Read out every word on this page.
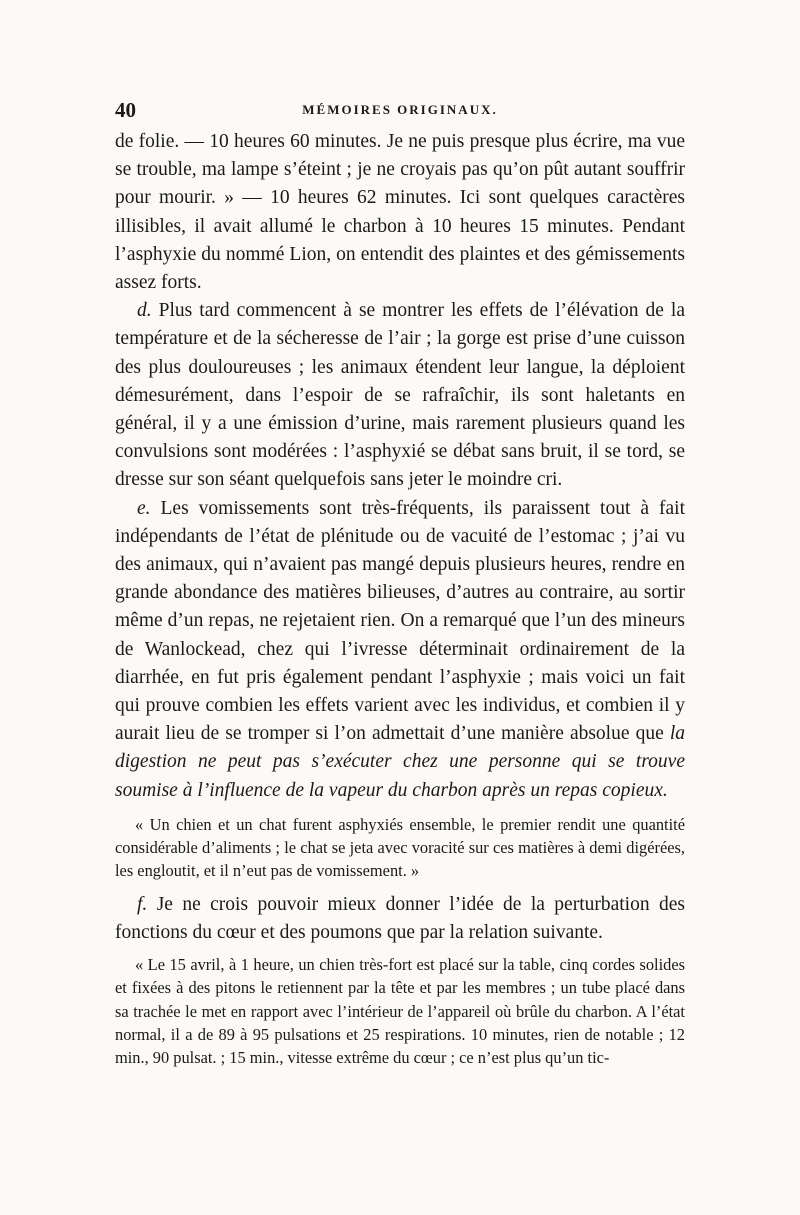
40	MÉMOIRES ORIGINAUX.

de folie. — 10 heures 60 minutes. Je ne puis presque plus écrire, ma vue se trouble, ma lampe s’éteint ; je ne croyais pas qu’on pût autant souffrir pour mourir. » — 10 heures 62 minutes. Ici sont quelques caractères illisibles, il avait allumé le charbon à 10 heures 15 minutes. Pendant l’asphyxie du nommé Lion, on entendit des plaintes et des gémissements assez forts.

d. Plus tard commencent à se montrer les effets de l’élévation de la température et de la sécheresse de l’air ; la gorge est prise d’une cuisson des plus douloureuses ; les animaux étendent leur langue, la déploient démesurément, dans l’espoir de se rafraîchir, ils sont haletants en général, il y a une émission d’urine, mais rarement plusieurs quand les convulsions sont modérées : l’asphyxié se débat sans bruit, il se tord, se dresse sur son séant quelquefois sans jeter le moindre cri.

e. Les vomissements sont très-fréquents, ils paraissent tout à fait indépendants de l’état de plénitude ou de vacuité de l’estomac ; j’ai vu des animaux, qui n’avaient pas mangé depuis plusieurs heures, rendre en grande abondance des matières bilieuses, d’autres au contraire, au sortir même d’un repas, ne rejetaient rien. On a remarqué que l’un des mineurs de Wanlockead, chez qui l’ivresse déterminait ordinairement de la diarrhée, en fut pris également pendant l’asphyxie ; mais voici un fait qui prouve combien les effets varient avec les individus, et combien il y aurait lieu de se tromper si l’on admettait d’une manière absolue que la digestion ne peut pas s’exécuter chez une personne qui se trouve soumise à l’influence de la vapeur du charbon après un repas copieux.

« Un chien et un chat furent asphyxiés ensemble, le premier rendit une quantité considérable d’aliments ; le chat se jeta avec voracité sur ces matières à demi digérées, les engloutit, et il n’eut pas de vomissement. »

f. Je ne crois pouvoir mieux donner l’idée de la perturbation des fonctions du cœur et des poumons que par la relation suivante.

« Le 15 avril, à 1 heure, un chien très-fort est placé sur la table, cinq cordes solides et fixées à des pitons le retiennent par la tête et par les membres ; un tube placé dans sa trachée le met en rapport avec l’intérieur de l’appareil où brûle du charbon. A l’état normal, il a de 89 à 95 pulsations et 25 respirations. 10 minutes, rien de notable ; 12 min., 90 pulsat. ; 15 min., vitesse extrême du cœur ; ce n’est plus qu’un tic-
